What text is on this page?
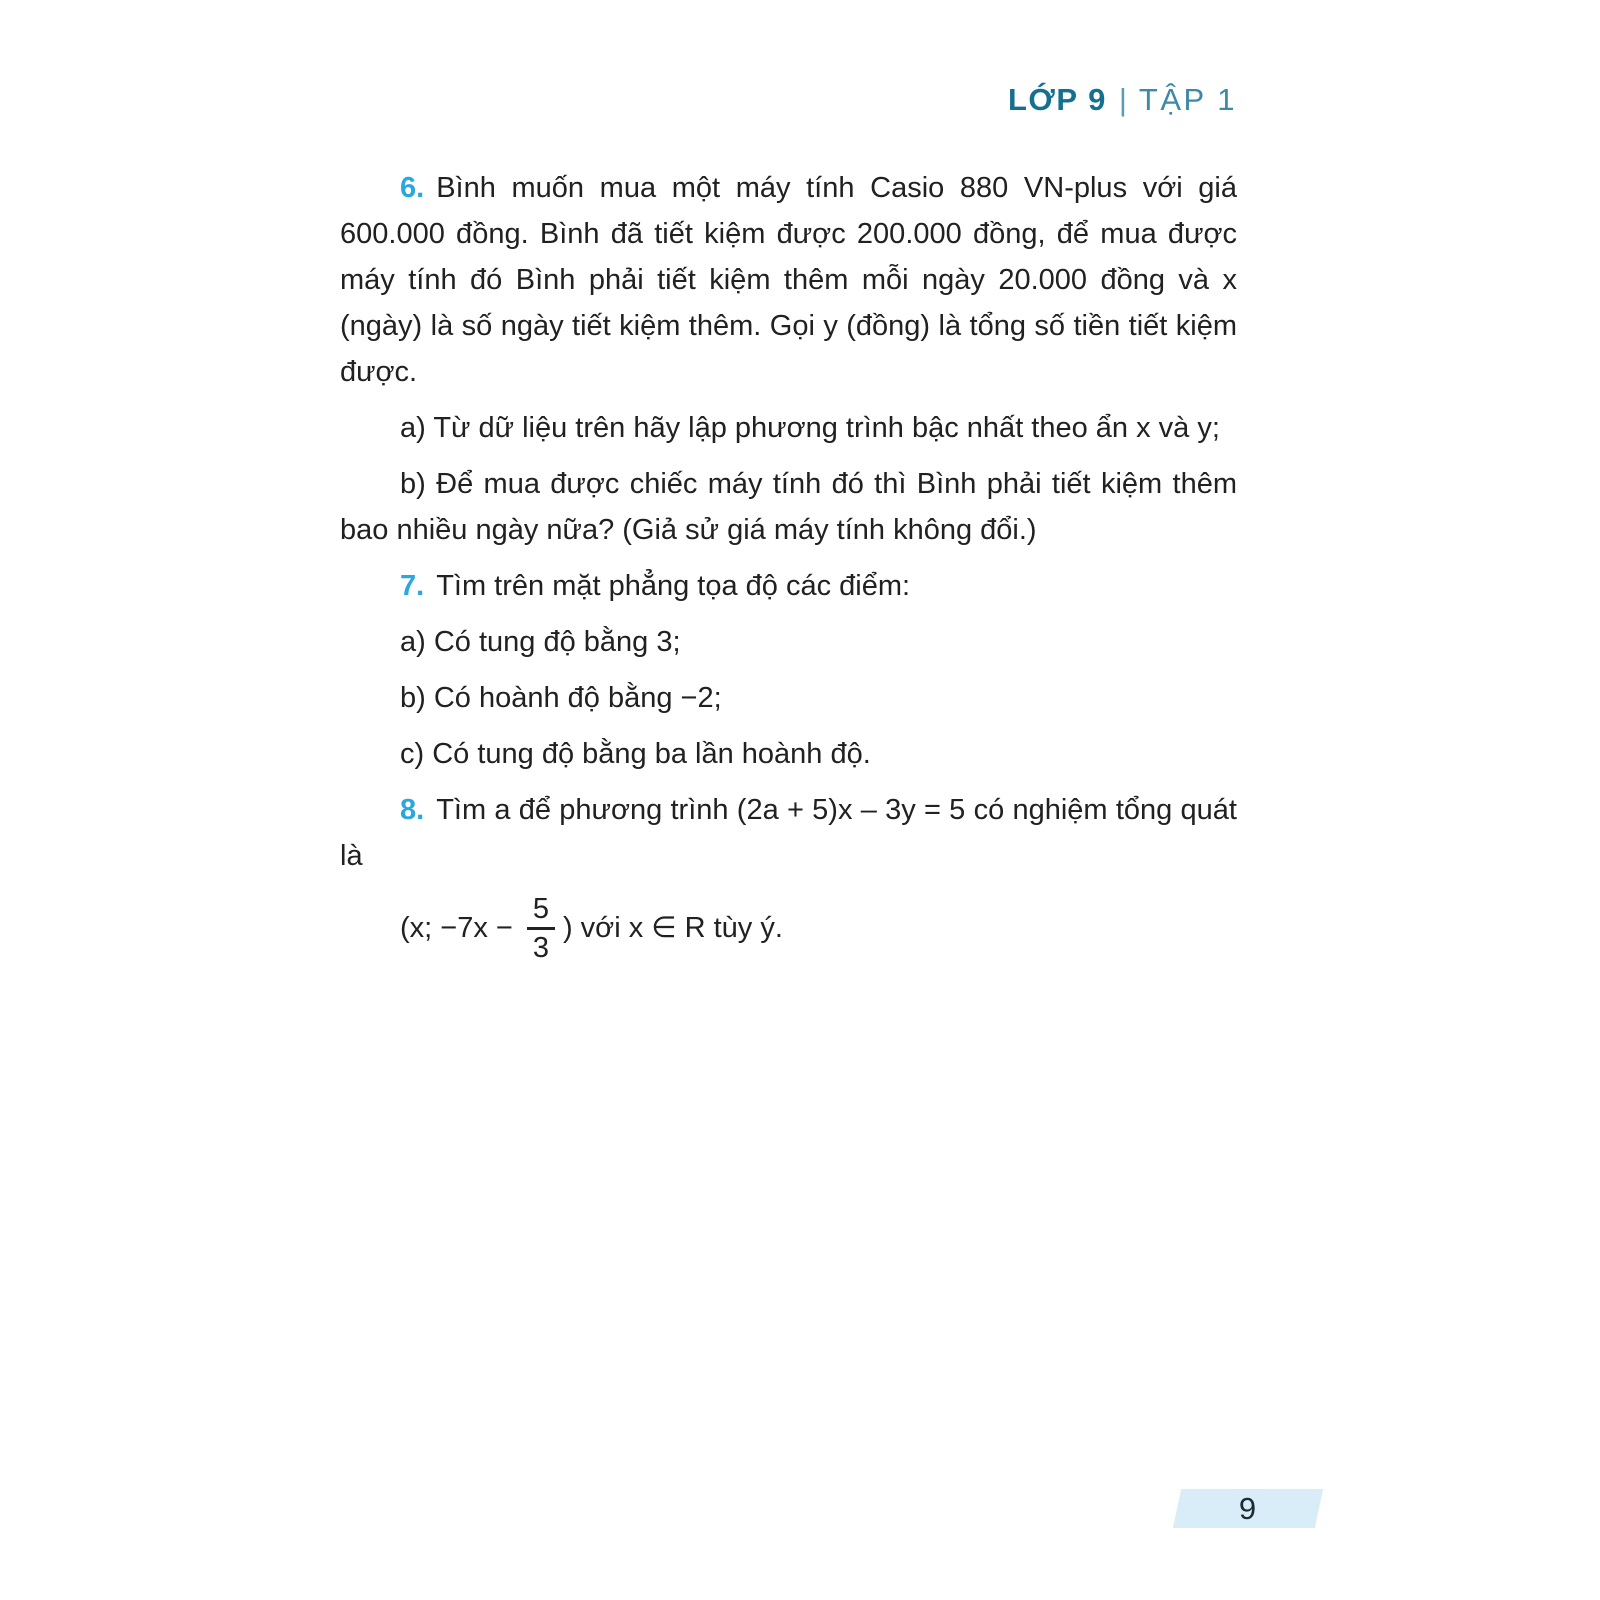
LỚP 9 | TẬP 1

6. Bình muốn mua một máy tính Casio 880 VN-plus với giá 600.000 đồng. Bình đã tiết kiệm được 200.000 đồng, để mua được máy tính đó Bình phải tiết kiệm thêm mỗi ngày 20.000 đồng và x (ngày) là số ngày tiết kiệm thêm. Gọi y (đồng) là tổng số tiền tiết kiệm được.

a) Từ dữ liệu trên hãy lập phương trình bậc nhất theo ẩn x và y;

b) Để mua được chiếc máy tính đó thì Bình phải tiết kiệm thêm bao nhiều ngày nữa? (Giả sử giá máy tính không đổi.)

7. Tìm trên mặt phẳng tọa độ các điểm:

a) Có tung độ bằng 3;

b) Có hoành độ bằng −2;

c) Có tung độ bằng ba lần hoành độ.

8. Tìm a để phương trình (2a + 5)x – 3y = 5 có nghiệm tổng quát là

(x; $-7x - \frac{5}{3}$ ) với x ∈ R tùy ý.
9
